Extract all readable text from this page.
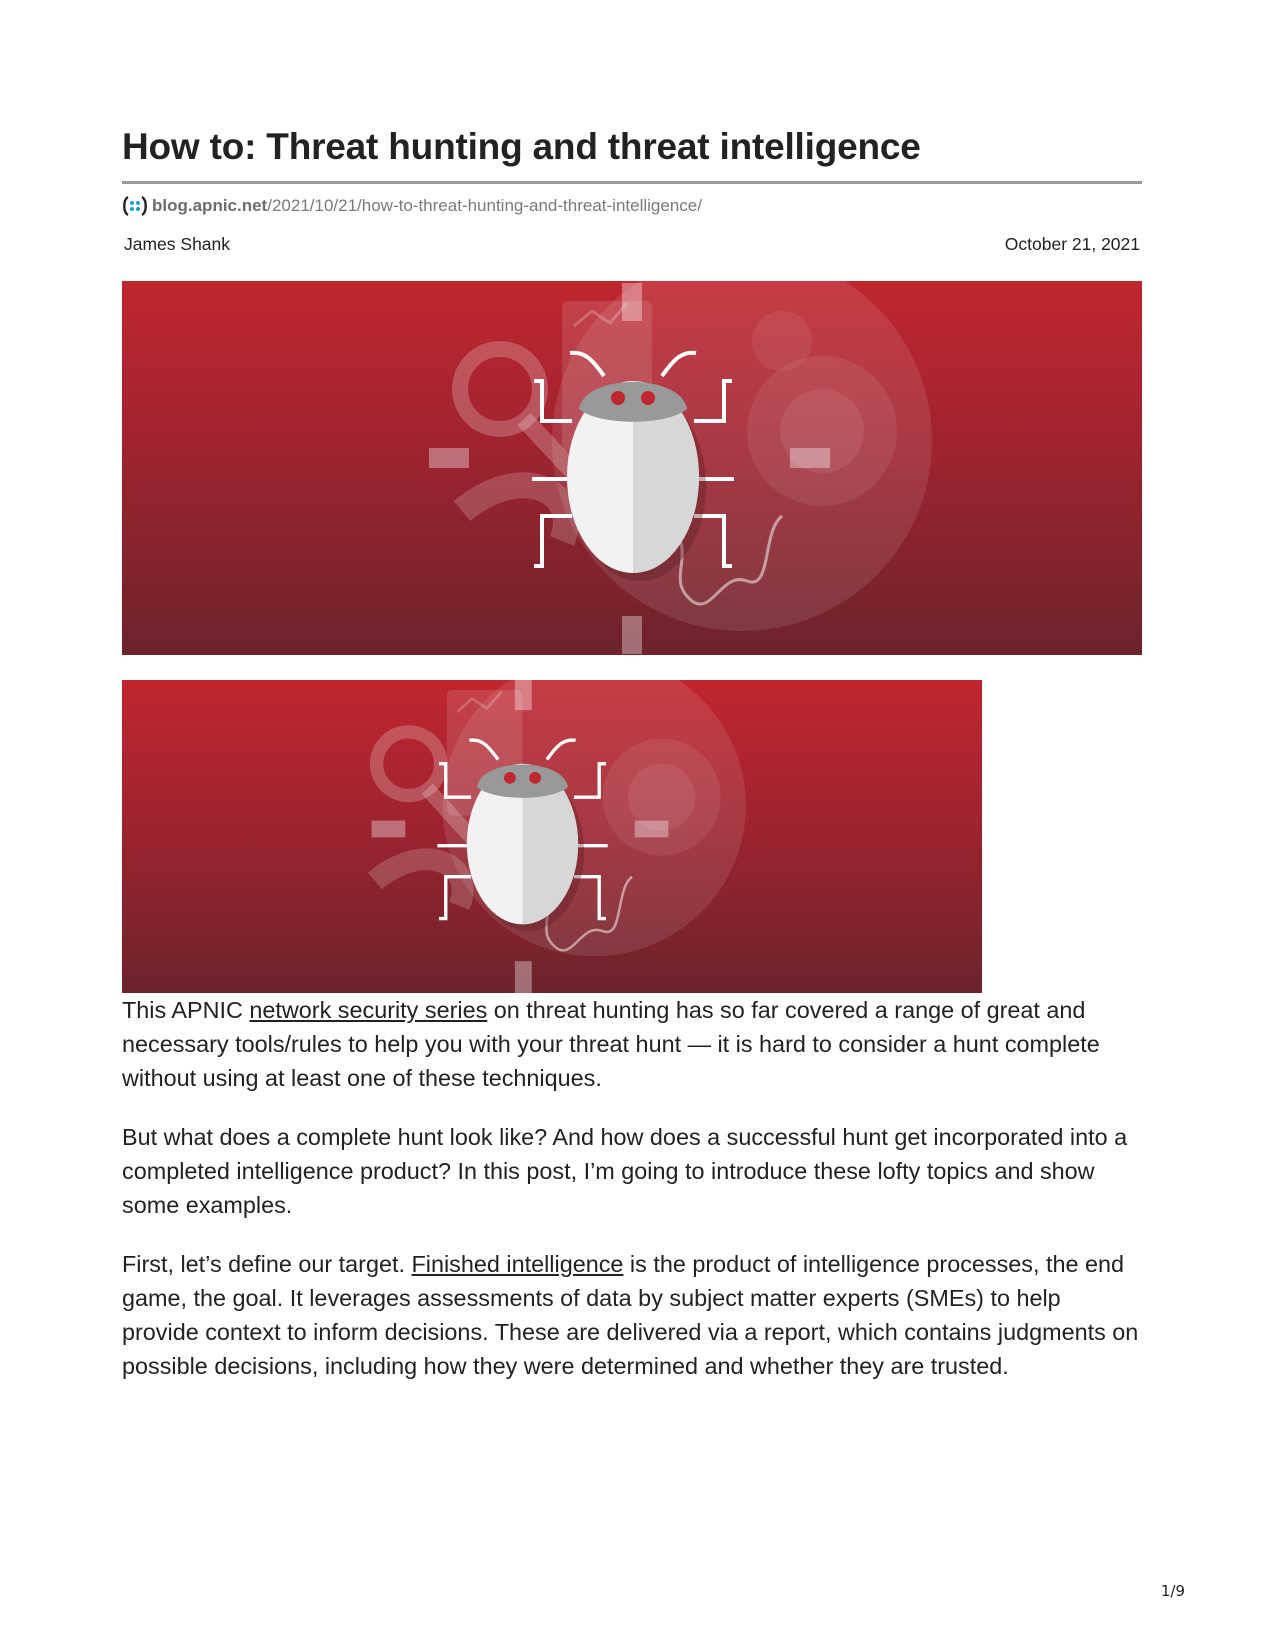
How to: Threat hunting and threat intelligence
blog.apnic.net /2021/10/21/how-to-threat-hunting-and-threat-intelligence/
James Shank	October 21, 2021

This APNIC network security series on threat hunting has so far covered a range of great and necessary tools/rules to help you with your threat hunt — it is hard to consider a hunt complete without using at least one of these techniques.

But what does a complete hunt look like? And how does a successful hunt get incorporated into a completed intelligence product? In this post, I’m going to introduce these lofty topics and show some examples.

First, let’s define our target. Finished intelligence is the product of intelligence processes, the end game, the goal. It leverages assessments of data by subject matter experts (SMEs) to help provide context to inform decisions. These are delivered via a report, which contains judgments on possible decisions, including how they were determined and whether they are trusted.

1/9
